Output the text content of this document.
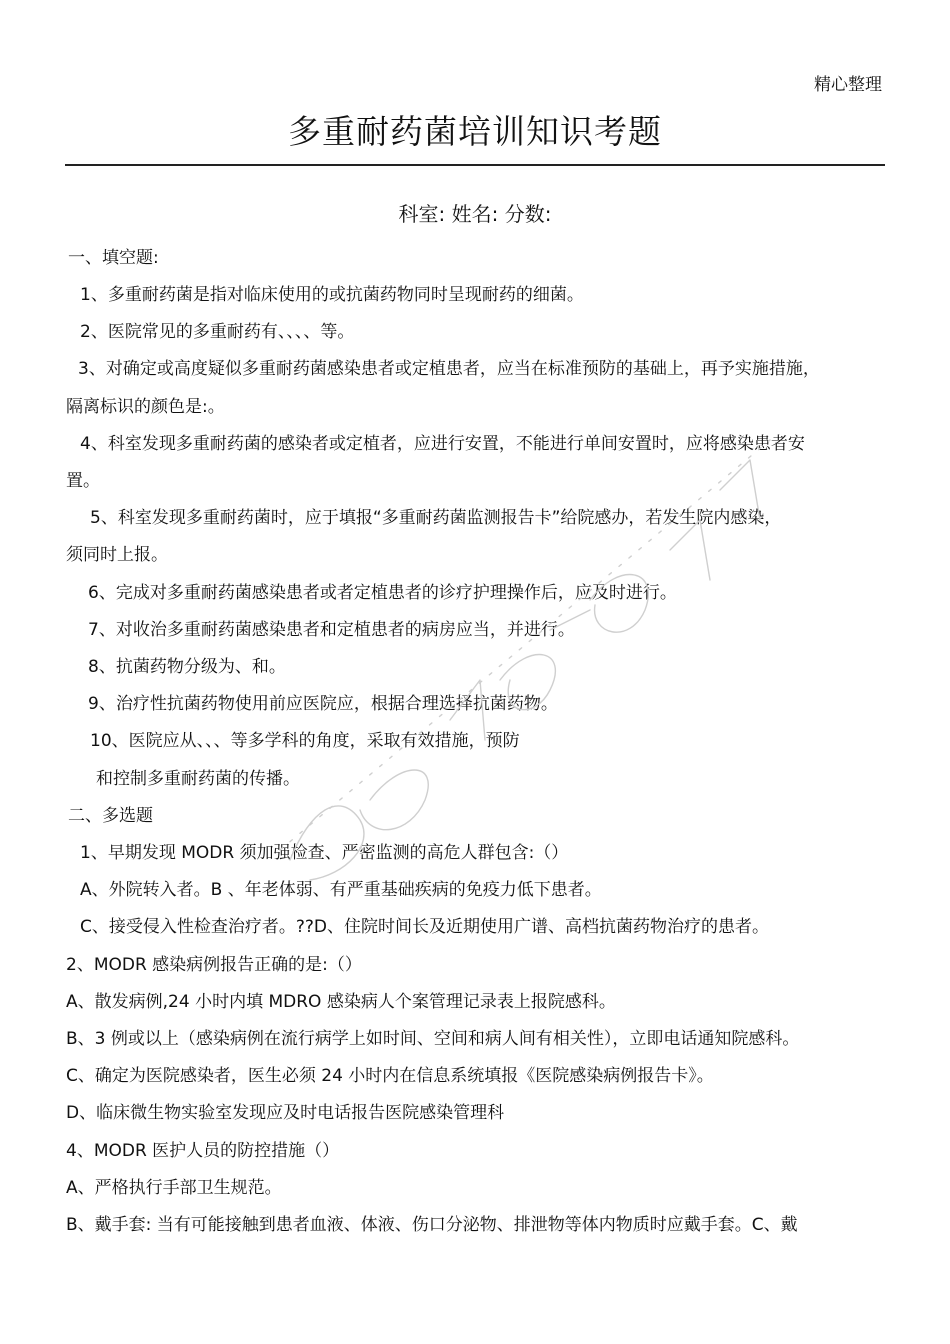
精心整理
多重耐药菌培训知识考题
科室: 姓名: 分数:
一、填空题:
1、多重耐药菌是指对临床使用的或抗菌药物同时呈现耐药的细菌。
2、医院常见的多重耐药有、、、、等。
3、对确定或高度疑似多重耐药菌感染患者或定植患者，应当在标准预防的基础上，再予实施措施，
隔离标识的颜色是:。
4、科室发现多重耐药菌的感染者或定植者，应进行安置，不能进行单间安置时，应将感染患者安
置。
5、科室发现多重耐药菌时，应于填报“多重耐药菌监测报告卡”给院感办，若发生院内感染，
须同时上报。
6、完成对多重耐药菌感染患者或者定植患者的诊疗护理操作后，应及时进行。
7、对收治多重耐药菌感染患者和定植患者的病房应当，并进行。
8、抗菌药物分级为、和。
9、治疗性抗菌药物使用前应医院应，根据合理选择抗菌药物。
10、医院应从、、、等多学科的角度，采取有效措施，预防
和控制多重耐药菌的传播。
二、多选题
1、早期发现 MODR 须加强检查、严密监测的高危人群包含:（）
A、外院转入者。B 、年老体弱、有严重基础疾病的免疫力低下患者。
C、接受侵入性检查治疗者。??D、住院时间长及近期使用广谱、高档抗菌药物治疗的患者。
2、MODR 感染病例报告正确的是:（）
A、散发病例,24 小时内填 MDRO 感染病人个案管理记录表上报院感科。
B、3 例或以上（感染病例在流行病学上如时间、空间和病人间有相关性），立即电话通知院感科。
C、确定为医院感染者，医生必须 24 小时内在信息系统填报《医院感染病例报告卡》。
D、临床微生物实验室发现应及时电话报告医院感染管理科
4、MODR 医护人员的防控措施（）
A、严格执行手部卫生规范。
B、戴手套: 当有可能接触到患者血液、体液、伤口分泌物、排泄物等体内物质时应戴手套。C、戴
